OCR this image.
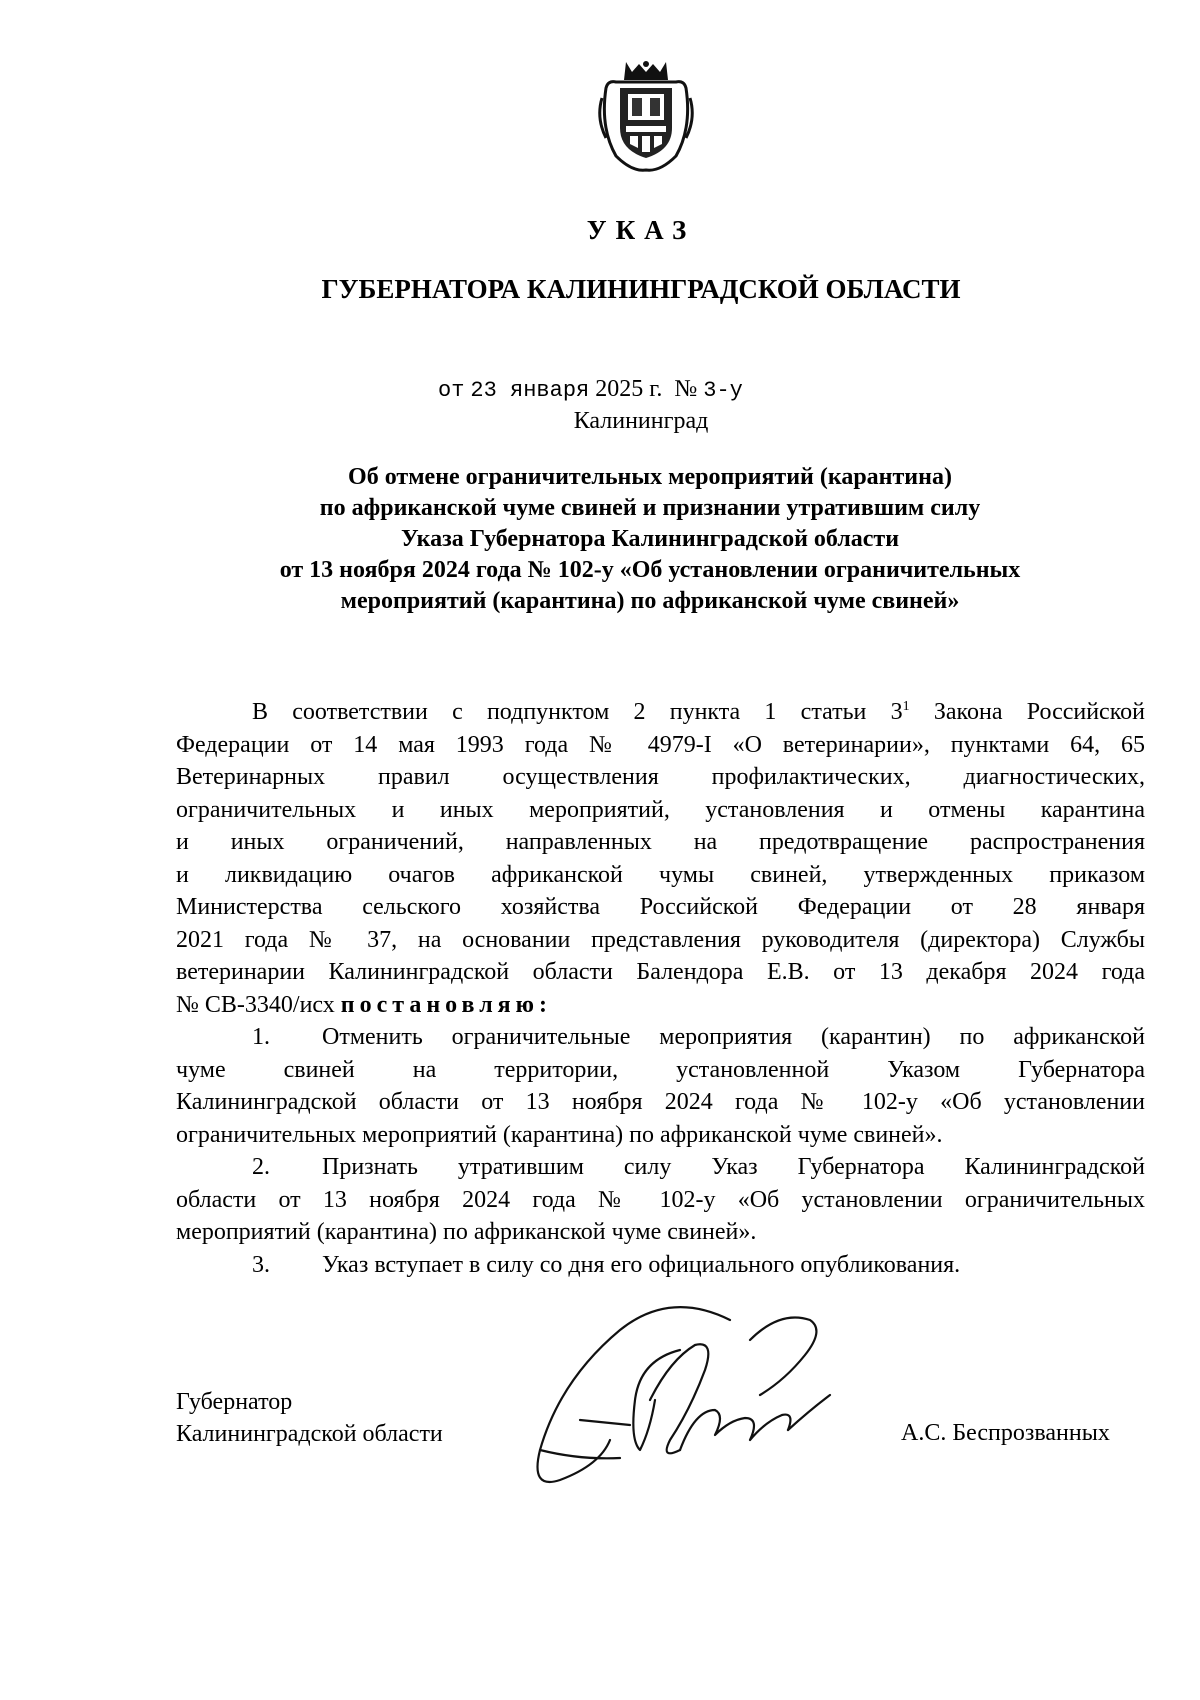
УКАЗ
ГУБЕРНАТОРА КАЛИНИНГРАДСКОЙ ОБЛАСТИ
от 23 января 2025 г. № 3-у
Калининград
Об отмене ограничительных мероприятий (карантина)
по африканской чуме свиней и признании утратившим силу
Указа Губернатора Калининградской области
от 13 ноября 2024 года № 102-у «Об установлении ограничительных
мероприятий (карантина) по африканской чуме свиней»
В соответствии с подпунктом 2 пункта 1 статьи $3^1$ Закона Российской
Федерации от 14 мая 1993 года № 4979-I «О ветеринарии», пунктами 64, 65
Ветеринарных правил осуществления профилактических, диагностических,
ограничительных и иных мероприятий, установления и отмены карантина
и иных ограничений, направленных на предотвращение распространения
и ликвидацию очагов африканской чумы свиней, утвержденных приказом
Министерства сельского хозяйства Российской Федерации от 28 января
2021 года № 37, на основании представления руководителя (директора) Службы
ветеринарии Калининградской области Балендора Е.В. от 13 декабря 2024 года
№ СВ-3340/исх постановляю:
1. Отменить ограничительные мероприятия (карантин) по африканской
чуме свиней на территории, установленной Указом Губернатора
Калининградской области от 13 ноября 2024 года № 102-у «Об установлении
ограничительных мероприятий (карантина) по африканской чуме свиней».
2. Признать утратившим силу Указ Губернатора Калининградской
области от 13 ноября 2024 года № 102-у «Об установлении ограничительных
мероприятий (карантина) по африканской чуме свиней».
3. Указ вступает в силу со дня его официального опубликования.
Губернатор
Калининградской области	А.С. Беспрозванных
